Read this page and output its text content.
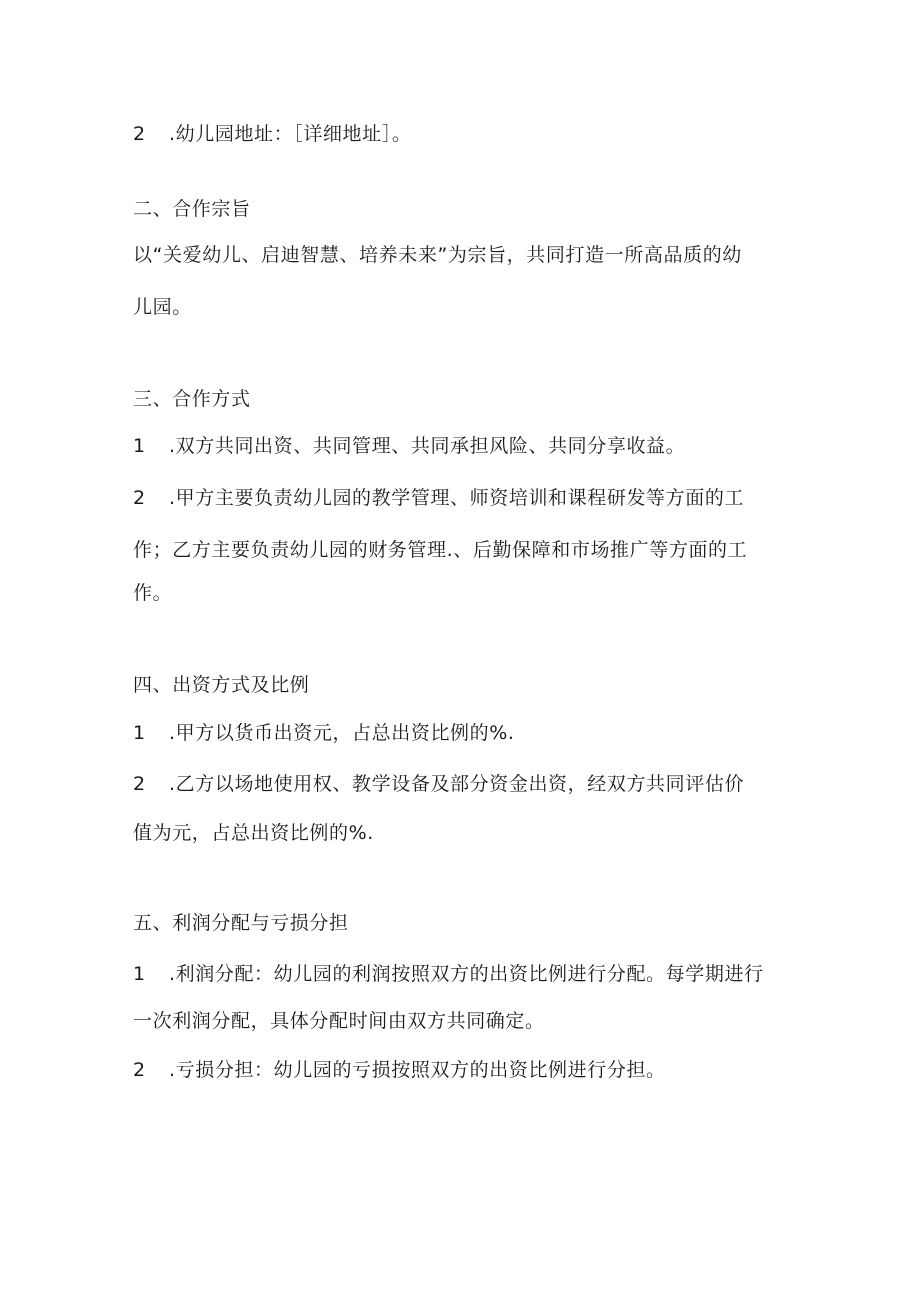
2 .幼儿园地址：［详细地址］。
二、合作宗旨
以“关爱幼儿、启迪智慧、培养未来”为宗旨，共同打造一所高品质的幼
儿园。
三、合作方式
1 .双方共同出资、共同管理、共同承担风险、共同分享收益。
2 .甲方主要负责幼儿园的教学管理、师资培训和课程研发等方面的工
作；乙方主要负责幼儿园的财务管理.、后勤保障和市场推广等方面的工
作。
四、出资方式及比例
1 .甲方以货币出资元，占总出资比例的%.
2 .乙方以场地使用权、教学设备及部分资金出资，经双方共同评估价
值为元，占总出资比例的%.
五、利润分配与亏损分担
1 .利润分配：幼儿园的利润按照双方的出资比例进行分配。每学期进行
一次利润分配，具体分配时间由双方共同确定。
2 .亏损分担：幼儿园的亏损按照双方的出资比例进行分担。
